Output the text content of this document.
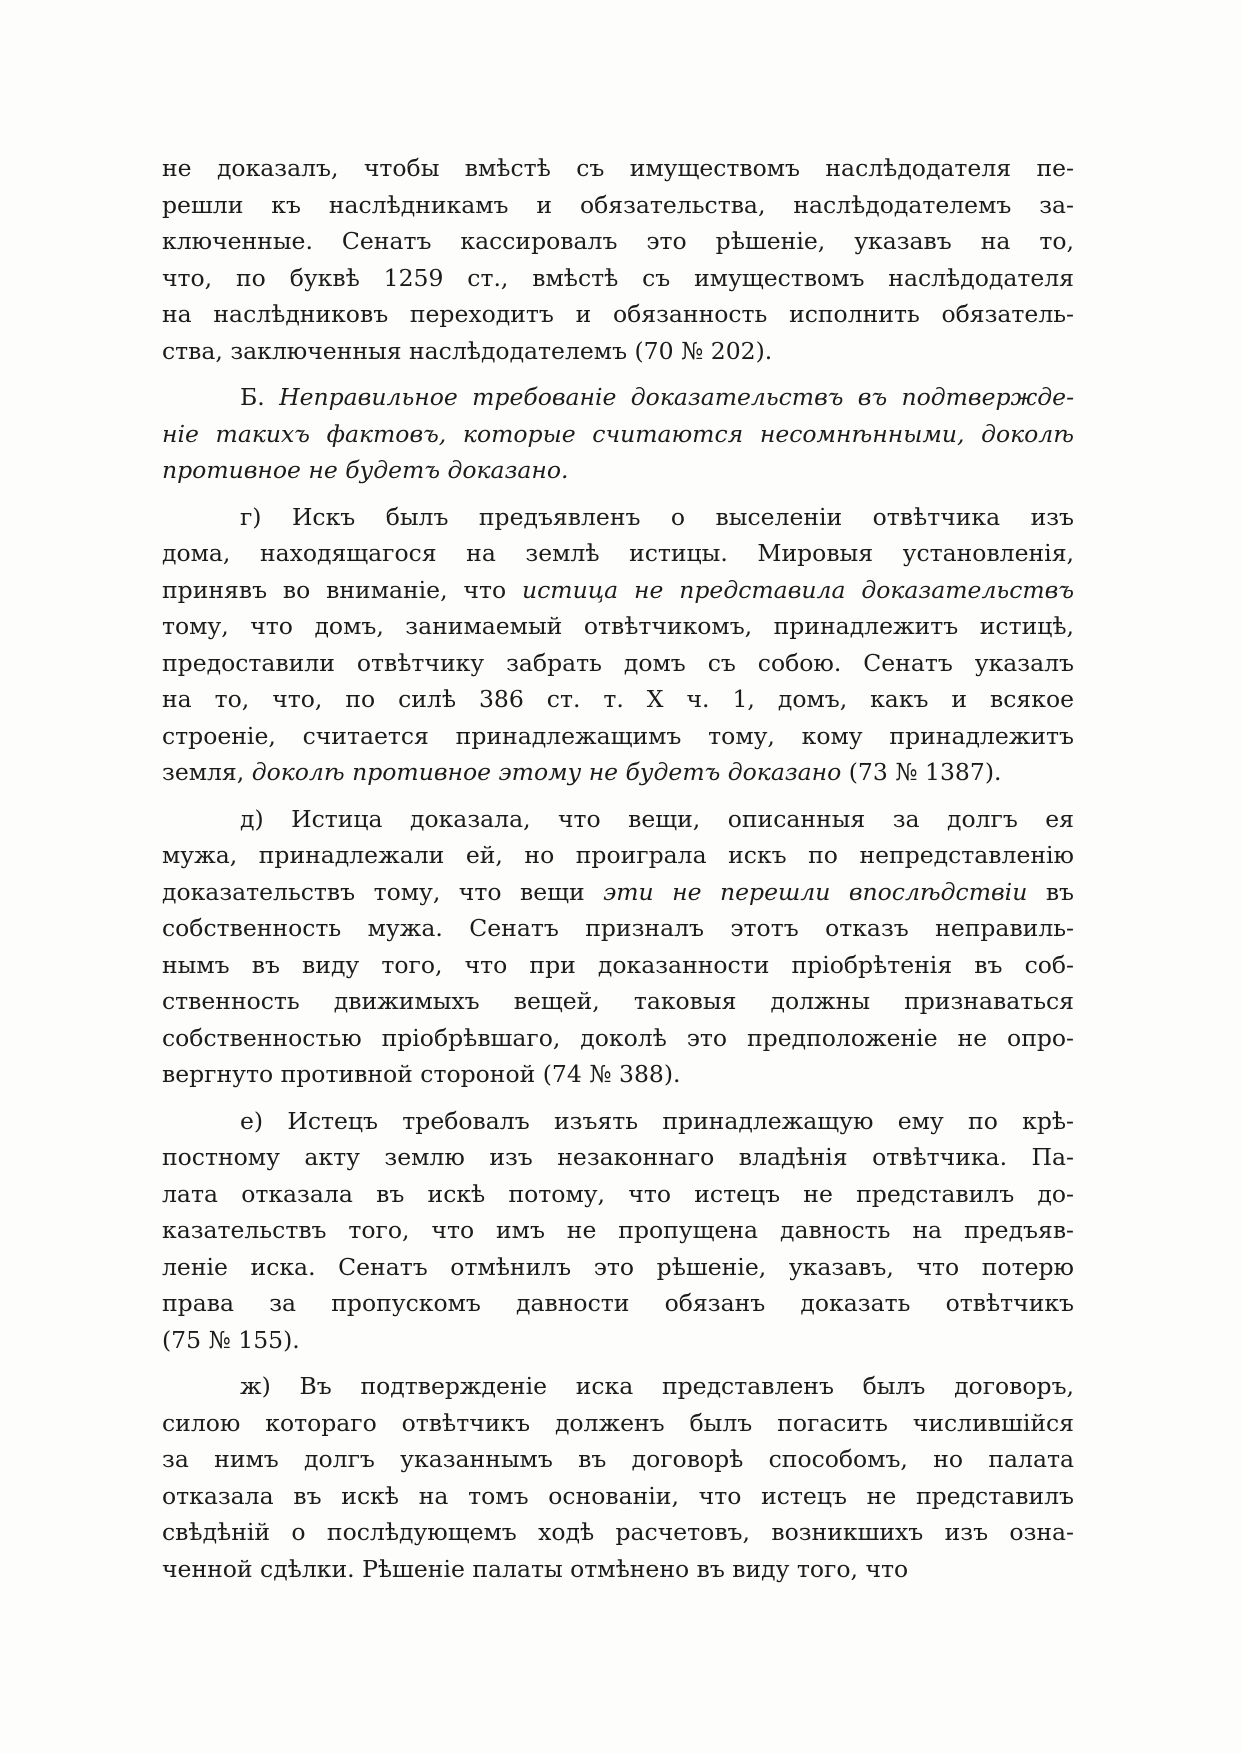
не доказалъ, чтобы вмѣстѣ съ имуществомъ наслѣдодателя пе-
решли къ наслѣдникамъ и обязательства, наслѣдодателемъ за-
ключенные. Сенатъ кассировалъ это рѣшеніе, указавъ на то,
что, по буквѣ 1259 ст., вмѣстѣ съ имуществомъ наслѣдодателя
на наслѣдниковъ переходитъ и обязанность исполнить обязатель-
ства, заключенныя наслѣдодателемъ (70 № 202).
Б. Неправильное требованіе доказательствъ въ подтвержде-
ніе такихъ фактовъ, которые считаются несомнѣнными, доколѣ
противное не будетъ доказано.
г) Искъ былъ предъявленъ о выселеніи отвѣтчика изъ
дома, находящагося на землѣ истицы. Мировыя установленія,
принявъ во вниманіе, что истица не представила доказательствъ
тому, что домъ, занимаемый отвѣтчикомъ, принадлежитъ истицѣ,
предоставили отвѣтчику забрать домъ съ собою. Сенатъ указалъ
на то, что, по силѣ 386 ст. т. X ч. 1, домъ, какъ и всякое
строеніе, считается принадлежащимъ тому, кому принадлежитъ
земля, доколѣ противное этому не будетъ доказано (73 № 1387).
д) Истица доказала, что вещи, описанныя за долгъ ея
мужа, принадлежали ей, но проиграла искъ по непредставленію
доказательствъ тому, что вещи эти не перешли впослѣдствіи въ
собственность мужа. Сенатъ призналъ этотъ отказъ неправиль-
нымъ въ виду того, что при доказанности пріобрѣтенія въ соб-
ственность движимыхъ вещей, таковыя должны признаваться
собственностью пріобрѣвшаго, доколѣ это предположеніе не опро-
вергнуто противной стороной (74 № 388).
е) Истецъ требовалъ изъять принадлежащую ему по крѣ-
постному акту землю изъ незаконнаго владѣнія отвѣтчика. Па-
лата отказала въ искѣ потому, что истецъ не представилъ до-
казательствъ того, что имъ не пропущена давность на предъяв-
леніе иска. Сенатъ отмѣнилъ это рѣшеніе, указавъ, что потерю
права за пропускомъ давности обязанъ доказать отвѣтчикъ
(75 № 155).
ж) Въ подтвержденіе иска представленъ былъ договоръ,
силою котораго отвѣтчикъ долженъ былъ погасить числившійся
за нимъ долгъ указаннымъ въ договорѣ способомъ, но палата
отказала въ искѣ на томъ основаніи, что истецъ не представилъ
свѣдѣній о послѣдующемъ ходѣ расчетовъ, возникшихъ изъ озна-
ченной сдѣлки. Рѣшеніе палаты отмѣнено въ виду того, что
